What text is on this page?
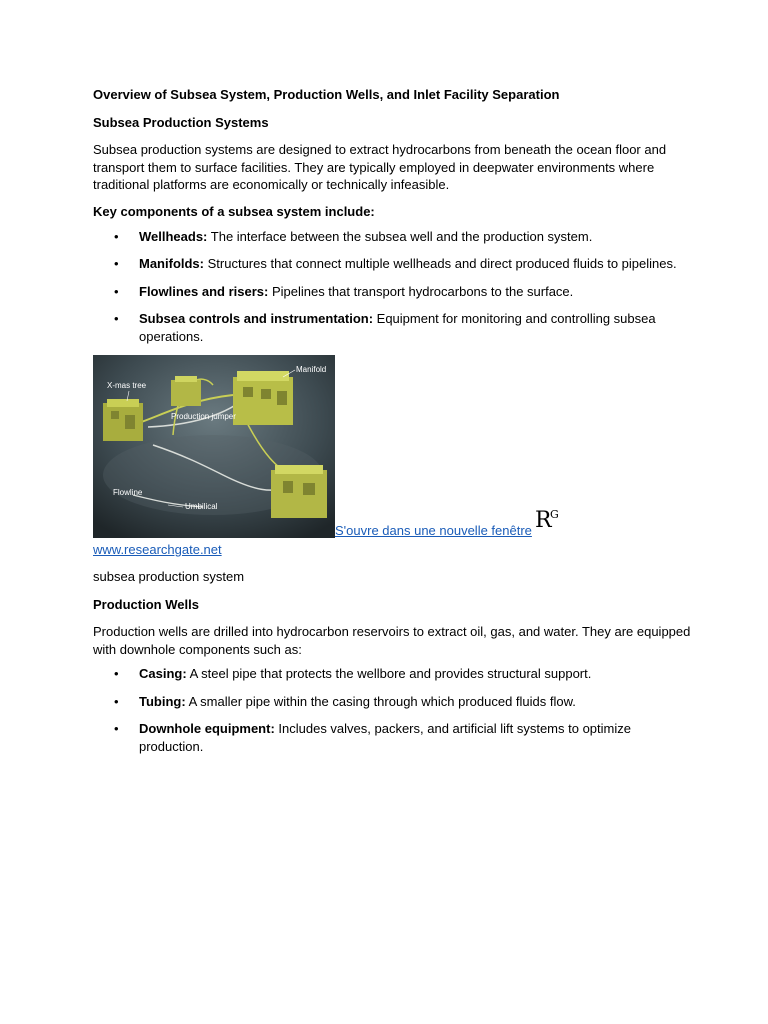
Overview of Subsea System, Production Wells, and Inlet Facility Separation

Subsea Production Systems

Subsea production systems are designed to extract hydrocarbons from beneath the ocean floor and transport them to surface facilities. They are typically employed in deepwater environments where traditional platforms are economically or technically infeasible.

Key components of a subsea system include:

• Wellheads: The interface between the subsea well and the production system.
• Manifolds: Structures that connect multiple wellheads and direct produced fluids to pipelines.
• Flowlines and risers: Pipelines that transport hydrocarbons to the surface.
• Subsea controls and instrumentation: Equipment for monitoring and controlling subsea operations.
X-mas tree
Manifold
Production jumper
Flowline
Umbilical
S'ouvre dans une nouvelle fenêtre R
G
www.researchgate.net

subsea production system

Production Wells

Production wells are drilled into hydrocarbon reservoirs to extract oil, gas, and water. They are equipped with downhole components such as:

• Casing: A steel pipe that protects the wellbore and provides structural support.
• Tubing: A smaller pipe within the casing through which produced fluids flow.
• Downhole equipment: Includes valves, packers, and artificial lift systems to optimize production.
